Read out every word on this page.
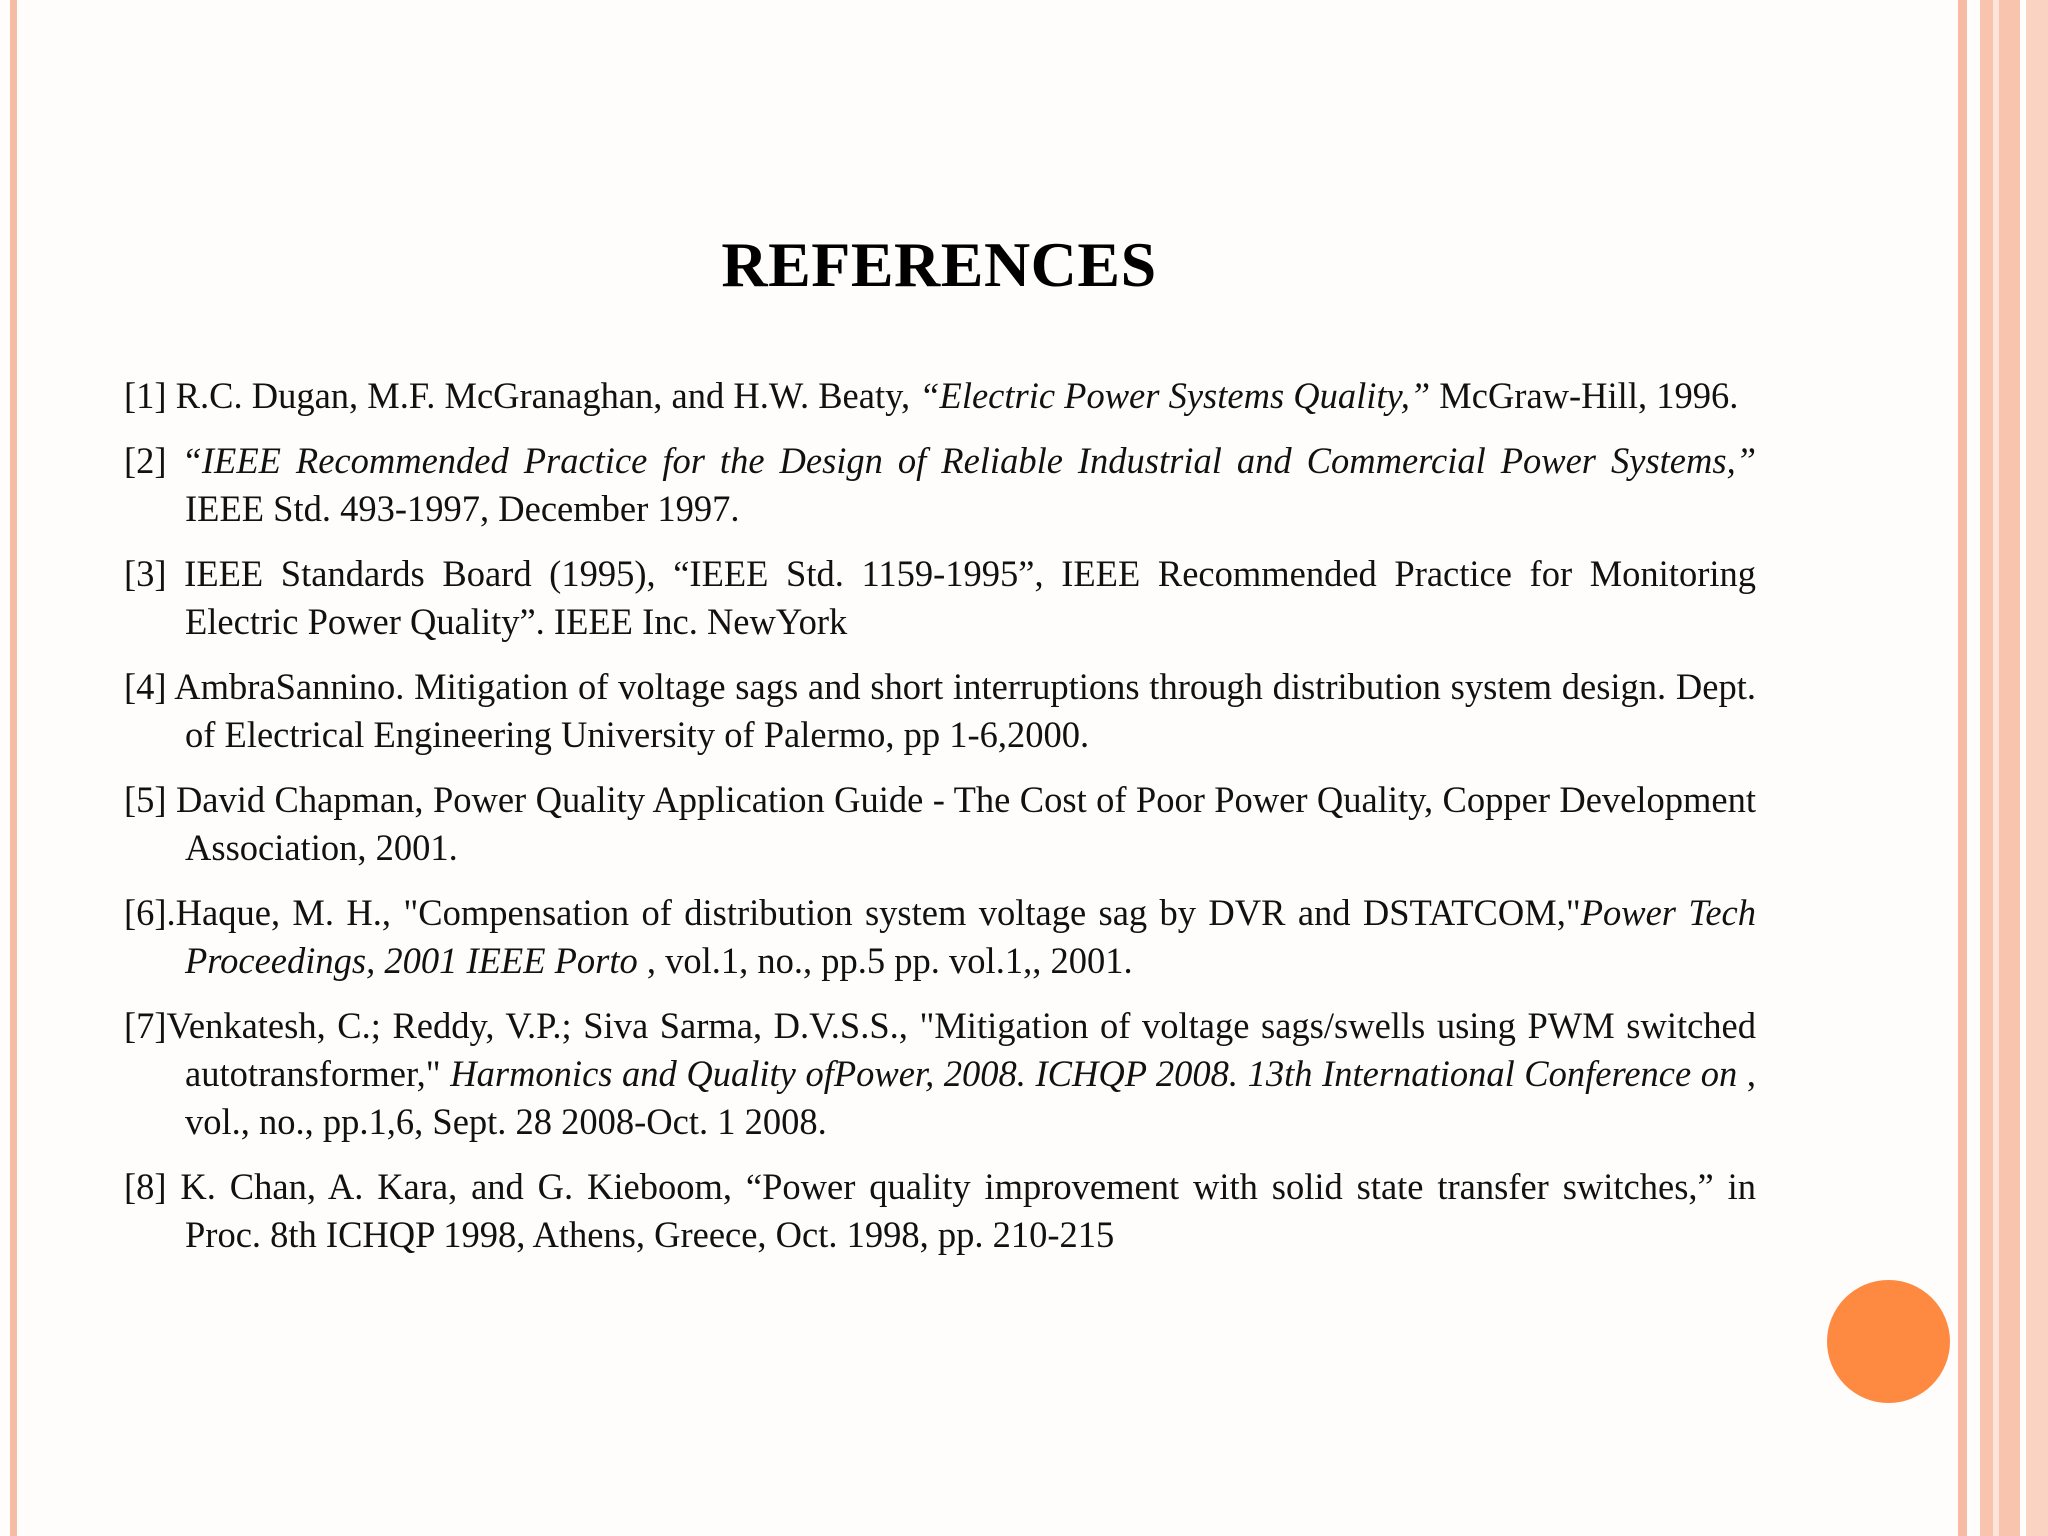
REFERENCES

[1] R.C. Dugan, M.F. McGranaghan, and H.W. Beaty, “Electric Power Systems Quality,” McGraw-Hill, 1996.

[2] “IEEE Recommended Practice for the Design of Reliable Industrial and Commercial Power Systems,” IEEE Std. 493-1997, December 1997.

[3] IEEE Standards Board (1995), “IEEE Std. 1159-1995”, IEEE Recommended Practice for Monitoring Electric Power Quality”. IEEE Inc. NewYork

[4] AmbraSannino. Mitigation of voltage sags and short interruptions through distribution system design. Dept. of Electrical Engineering University of Palermo, pp 1-6,2000.

[5] David Chapman, Power Quality Application Guide - The Cost of Poor Power Quality, Copper Development Association, 2001.

[6].Haque, M. H., "Compensation of distribution system voltage sag by DVR and DSTATCOM,"Power Tech Proceedings, 2001 IEEE Porto , vol.1, no., pp.5 pp. vol.1,, 2001.

[7]Venkatesh, C.; Reddy, V.P.; Siva Sarma, D.V.S.S., "Mitigation of voltage sags/swells using PWM switched autotransformer," Harmonics and Quality ofPower, 2008. ICHQP 2008. 13th International Conference on , vol., no., pp.1,6, Sept. 28 2008-Oct. 1 2008.

[8] K. Chan, A. Kara, and G. Kieboom, “Power quality improvement with solid state transfer switches,” in Proc. 8th ICHQP 1998, Athens, Greece, Oct. 1998, pp. 210-215
